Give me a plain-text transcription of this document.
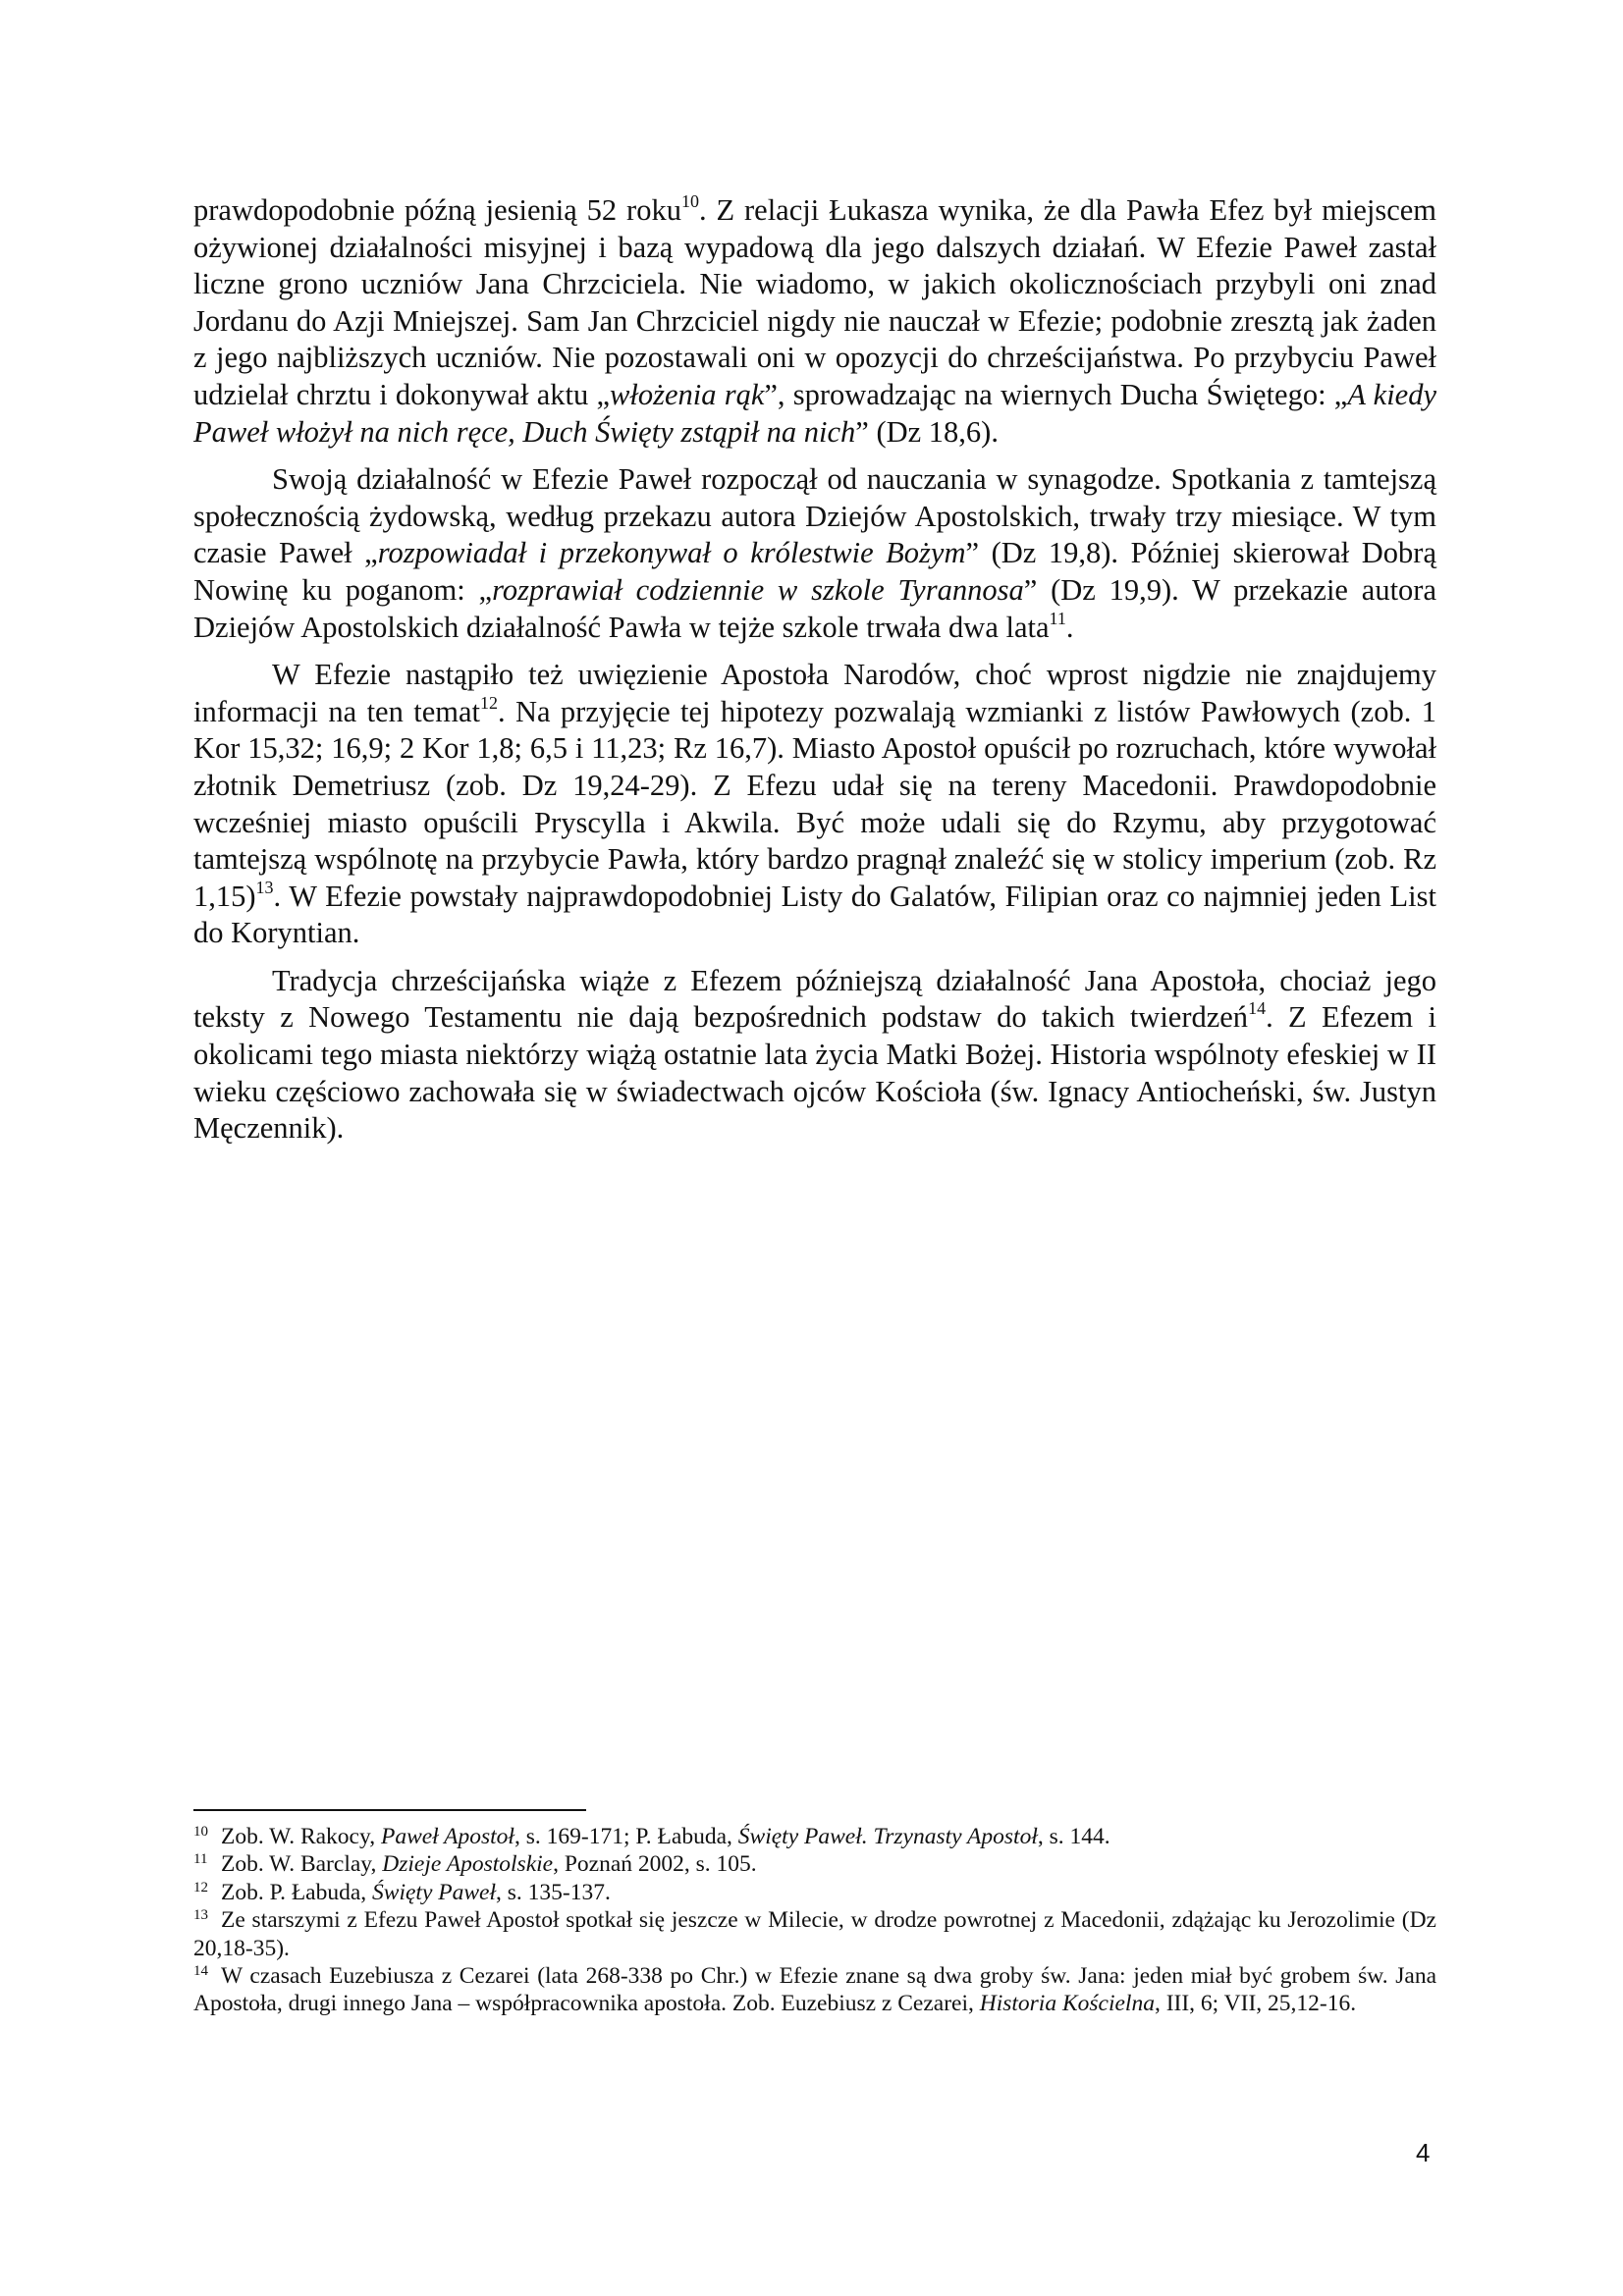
prawdopodobnie późną jesienią 52 roku$^{10}$. Z relacji Łukasza wynika, że dla Pawła Efez był miejscem ożywionej działalności misyjnej i bazą wypadową dla jego dalszych działań. W Efezie Paweł zastał liczne grono uczniów Jana Chrzciciela. Nie wiadomo, w jakich okolicznościach przybyli oni znad Jordanu do Azji Mniejszej. Sam Jan Chrzciciel nigdy nie nauczał w Efezie; podobnie zresztą jak żaden z jego najbliższych uczniów. Nie pozostawali oni w opozycji do chrześcijaństwa. Po przybyciu Paweł udzielał chrztu i dokonywał aktu „włożenia rąk”, sprowadzając na wiernych Ducha Świętego: „A kiedy Paweł włożył na nich ręce, Duch Święty zstąpił na nich” (Dz 18,6).

Swoją działalność w Efezie Paweł rozpoczął od nauczania w synagodze. Spotkania z tamtejszą społecznością żydowską, według przekazu autora Dziejów Apostolskich, trwały trzy miesiące. W tym czasie Paweł „rozpowiadał i przekonywał o królestwie Bożym” (Dz 19,8). Później skierował Dobrą Nowinę ku poganom: „rozprawiał codziennie w szkole Tyrannosa” (Dz 19,9). W przekazie autora Dziejów Apostolskich działalność Pawła w tejże szkole trwała dwa lata$^{11}$.

W Efezie nastąpiło też uwięzienie Apostoła Narodów, choć wprost nigdzie nie znajdujemy informacji na ten temat$^{12}$. Na przyjęcie tej hipotezy pozwalają wzmianki z listów Pawłowych (zob. 1 Kor 15,32; 16,9; 2 Kor 1,8; 6,5 i 11,23; Rz 16,7). Miasto Apostoł opuścił po rozruchach, które wywołał złotnik Demetriusz (zob. Dz 19,24-29). Z Efezu udał się na tereny Macedonii. Prawdopodobnie wcześniej miasto opuścili Pryscylla i Akwila. Być może udali się do Rzymu, aby przygotować tamtejszą wspólnotę na przybycie Pawła, który bardzo pragnął znaleźć się w stolicy imperium (zob. Rz 1,15)$^{13}$. W Efezie powstały najprawdopodobniej Listy do Galatów, Filipian oraz co najmniej jeden List do Koryntian.

Tradycja chrześcijańska wiąże z Efezem późniejszą działalność Jana Apostoła, chociaż jego teksty z Nowego Testamentu nie dają bezpośrednich podstaw do takich twierdzeń$^{14}$. Z Efezem i okolicami tego miasta niektórzy wiążą ostatnie lata życia Matki Bożej. Historia wspólnoty efeskiej w II wieku częściowo zachowała się w świadectwach ojców Kościoła (św. Ignacy Antiocheński, św. Justyn Męczennik).

10 Zob. W. Rakocy, Paweł Apostoł, s. 169-171; P. Łabuda, Święty Paweł. Trzynasty Apostoł, s. 144.

11 Zob. W. Barclay, Dzieje Apostolskie, Poznań 2002, s. 105.

12 Zob. P. Łabuda, Święty Paweł, s. 135-137.

13 Ze starszymi z Efezu Paweł Apostoł spotkał się jeszcze w Milecie, w drodze powrotnej z Macedonii, zdążając ku Jerozolimie (Dz 20,18-35).

14 W czasach Euzebiusza z Cezarei (lata 268-338 po Chr.) w Efezie znane są dwa groby św. Jana: jeden miał być grobem św. Jana Apostoła, drugi innego Jana – współpracownika apostoła. Zob. Euzebiusz z Cezarei, Historia Kościelna, III, 6; VII, 25,12-16.

4
